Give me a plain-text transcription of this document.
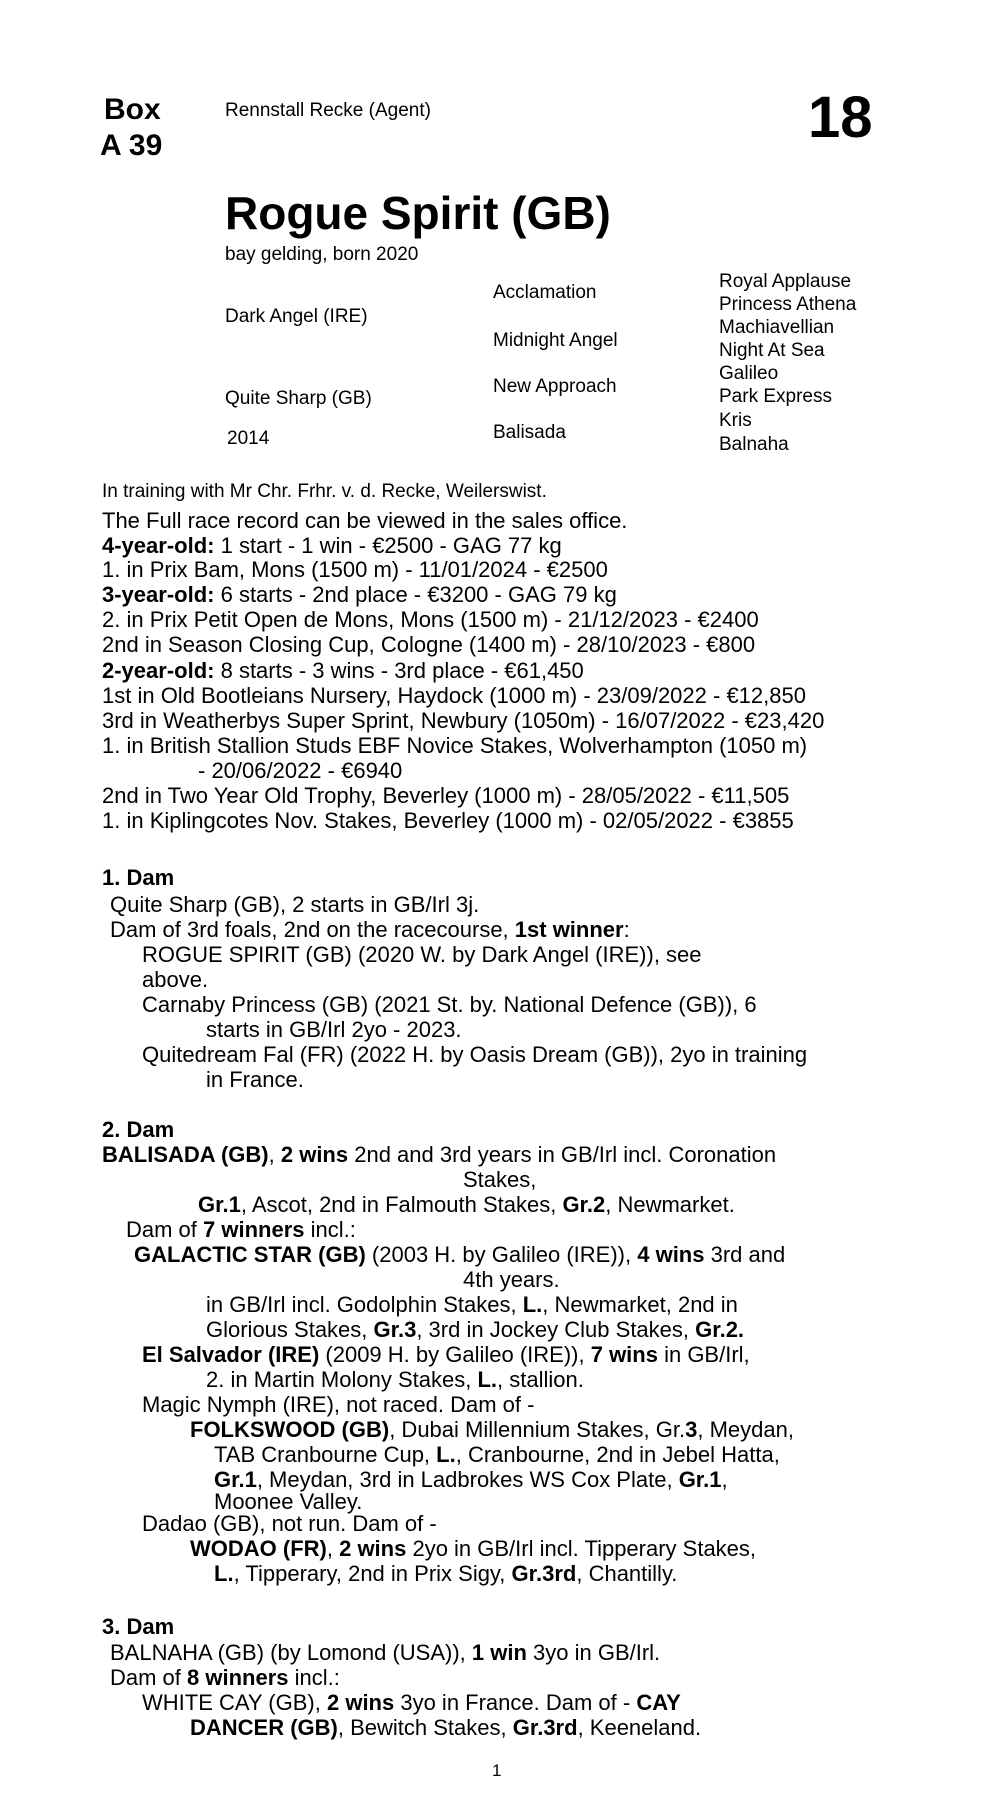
Box
A 39
Rennstall Recke (Agent)	18
Rogue Spirit (GB)
bay gelding, born 2020
Dark Angel (IRE)
Quite Sharp (GB)
2014
Acclamation
Midnight Angel
New Approach
Balisada
Royal Applause
Princess Athena
Machiavellian
Night At Sea
Galileo
Park Express
Kris
Balnaha
In training with Mr Chr. Frhr. v. d. Recke, Weilerswist.
The Full race record can be viewed in the sales office.
4-year-old: 1 start - 1 win - €2500 - GAG 77 kg
1. in Prix Bam, Mons (1500 m) - 11/01/2024 - €2500
3-year-old: 6 starts - 2nd place - €3200 - GAG 79 kg
2. in Prix Petit Open de Mons, Mons (1500 m) - 21/12/2023 - €2400
2nd in Season Closing Cup, Cologne (1400 m) - 28/10/2023 - €800
2-year-old: 8 starts - 3 wins - 3rd place - €61,450
1st in Old Bootleians Nursery, Haydock (1000 m) - 23/09/2022 - €12,850
3rd in Weatherbys Super Sprint, Newbury (1050m) - 16/07/2022 - €23,420
1. in British Stallion Studs EBF Novice Stakes, Wolverhampton (1050 m)
- 20/06/2022 - €6940
2nd in Two Year Old Trophy, Beverley (1000 m) - 28/05/2022 - €11,505
1. in Kiplingcotes Nov. Stakes, Beverley (1000 m) - 02/05/2022 - €3855
1. Dam
Quite Sharp (GB), 2 starts in GB/Irl 3j.
Dam of 3rd foals, 2nd on the racecourse, 1st winner:
ROGUE SPIRIT (GB) (2020 W. by Dark Angel (IRE)), see
above.
Carnaby Princess (GB) (2021 St. by. National Defence (GB)), 6
starts in GB/Irl 2yo - 2023.
Quitedream Fal (FR) (2022 H. by Oasis Dream (GB)), 2yo in training
in France.
2. Dam
BALISADA (GB), 2 wins 2nd and 3rd years in GB/Irl incl. Coronation
Stakes,
Gr.1, Ascot, 2nd in Falmouth Stakes, Gr.2, Newmarket.
Dam of 7 winners incl.:
GALACTIC STAR (GB) (2003 H. by Galileo (IRE)), 4 wins 3rd and
4th years.
in GB/Irl incl. Godolphin Stakes, L., Newmarket, 2nd in
Glorious Stakes, Gr.3, 3rd in Jockey Club Stakes, Gr.2.
El Salvador (IRE) (2009 H. by Galileo (IRE)), 7 wins in GB/Irl,
2. in Martin Molony Stakes, L., stallion.
Magic Nymph (IRE), not raced. Dam of -
FOLKSWOOD (GB), Dubai Millennium Stakes, Gr.3, Meydan,
TAB Cranbourne Cup, L., Cranbourne, 2nd in Jebel Hatta,
Gr.1, Meydan, 3rd in Ladbrokes WS Cox Plate, Gr.1,
Moonee Valley.
Dadao (GB), not run. Dam of -
WODAO (FR), 2 wins 2yo in GB/Irl incl. Tipperary Stakes,
L., Tipperary, 2nd in Prix Sigy, Gr.3rd, Chantilly.
3. Dam
BALNAHA (GB) (by Lomond (USA)), 1 win 3yo in GB/Irl.
Dam of 8 winners incl.:
WHITE CAY (GB), 2 wins 3yo in France. Dam of - CAY
DANCER (GB), Bewitch Stakes, Gr.3rd, Keeneland.
1
